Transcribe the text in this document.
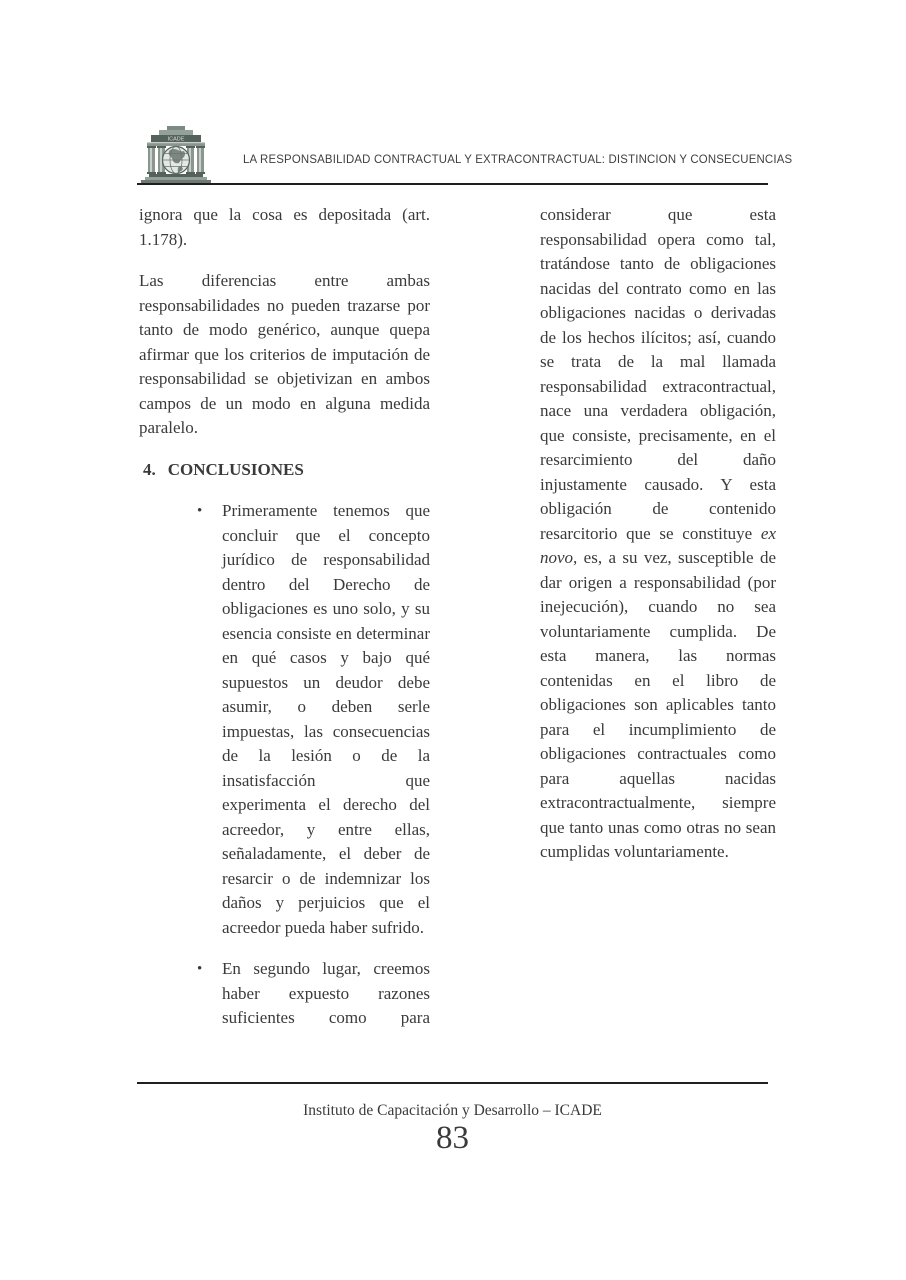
ICADE
LA RESPONSABILIDAD CONTRACTUAL Y EXTRACONTRACTUAL: DISTINCION Y CONSECUENCIAS

ignora que la cosa es depositada (art. 1.178).

Las diferencias entre ambas responsabilidades no pueden trazarse por tanto de modo genérico, aunque quepa afirmar que los criterios de imputación de responsabilidad se objetivizan en ambos campos de un modo en alguna medida paralelo.

4. CONCLUSIONES

• Primeramente tenemos que concluir que el concepto jurídico de responsabilidad dentro del Derecho de obligaciones es uno solo, y su esencia consiste en determinar en qué casos y bajo qué supuestos un deudor debe asumir, o deben serle impuestas, las consecuencias de la lesión o de la insatisfacción que experimenta el derecho del acreedor, y entre ellas, señaladamente, el deber de resarcir o de indemnizar los daños y perjuicios que el acreedor pueda haber sufrido.

• En segundo lugar, creemos haber expuesto razones suficientes como para

considerar que esta responsabilidad opera como tal, tratándose tanto de obligaciones nacidas del contrato como en las obligaciones nacidas o derivadas de los hechos ilícitos; así, cuando se trata de la mal llamada responsabilidad extracontractual, nace una verdadera obligación, que consiste, precisamente, en el resarcimiento del daño injustamente causado. Y esta obligación de contenido resarcitorio que se constituye ex novo, es, a su vez, susceptible de dar origen a responsabilidad (por inejecución), cuando no sea voluntariamente cumplida. De esta manera, las normas contenidas en el libro de obligaciones son aplicables tanto para el incumplimiento de obligaciones contractuales como para aquellas nacidas extracontractualmente, siempre que tanto unas como otras no sean cumplidas voluntariamente.

Instituto de Capacitación y Desarrollo – ICADE
83
